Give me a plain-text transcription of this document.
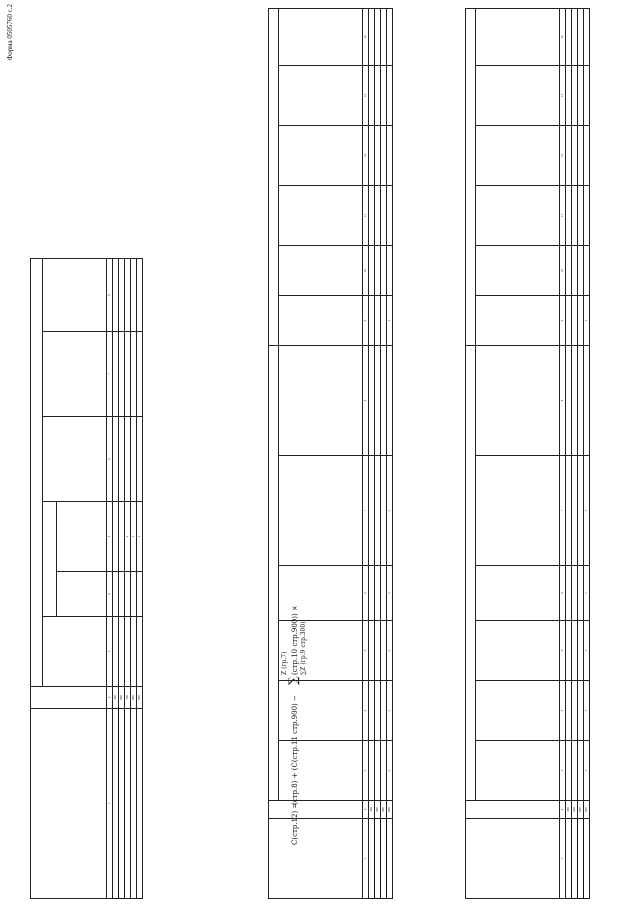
Форма 0505760 с.2

1	2	3	4	5	6	7	8
	300						
	800						
	700			x			
	800			x			
	900			x			
C(стр.12) =
(стр.8) + (C(стр.11 стр.900) −
∑
(стр.10 стр.900)) ×
Z (гр.7) ∑Z (гр.9 стр.300)

1	2	3	4	5	6	7	8	9	10	11	12	13	14
	300												
	800												
	900												
	900	x	x	x	x	x		x					

1	2	3	4	5	6	7	8	9	10	11	12	13	14
	300												
	400												
	900												
	900	x	x	x	x	x		x					
